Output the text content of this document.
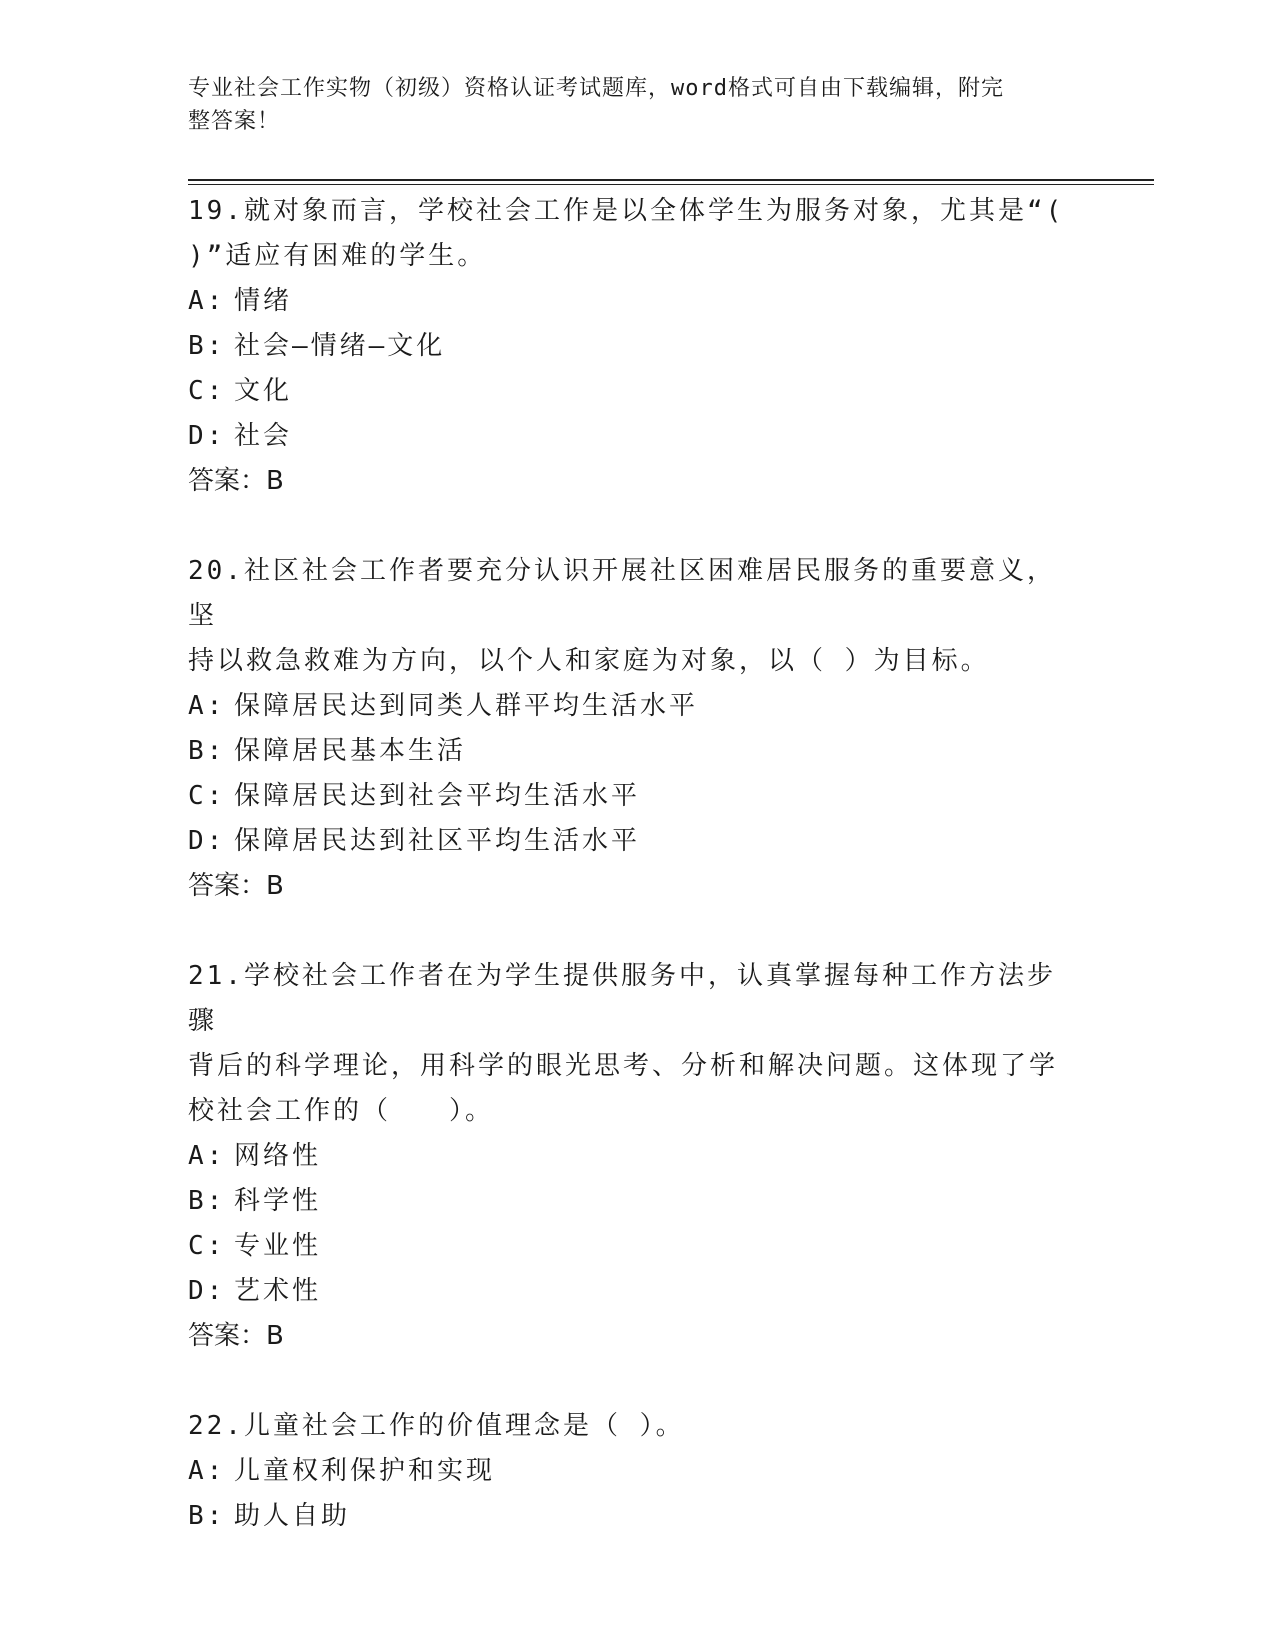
专业社会工作实物（初级）资格认证考试题库，word格式可自由下载编辑，附完
整答案！
19.就对象而言，学校社会工作是以全体学生为服务对象，尤其是“(
)”适应有困难的学生。
A: 情绪
B: 社会—情绪—文化
C: 文化
D: 社会
答案：B
20.社区社会工作者要充分认识开展社区困难居民服务的重要意义，坚
持以救急救难为方向，以个人和家庭为对象，以（ ）为目标。
A: 保障居民达到同类人群平均生活水平
B: 保障居民基本生活
C: 保障居民达到社会平均生活水平
D: 保障居民达到社区平均生活水平
答案：B
21.学校社会工作者在为学生提供服务中，认真掌握每种工作方法步骤
背后的科学理论，用科学的眼光思考、分析和解决问题。这体现了学
校社会工作的（　　）。
A: 网络性
B: 科学性
C: 专业性
D: 艺术性
答案：B
22.儿童社会工作的价值理念是（ ）。
A: 儿童权利保护和实现
B: 助人自助
